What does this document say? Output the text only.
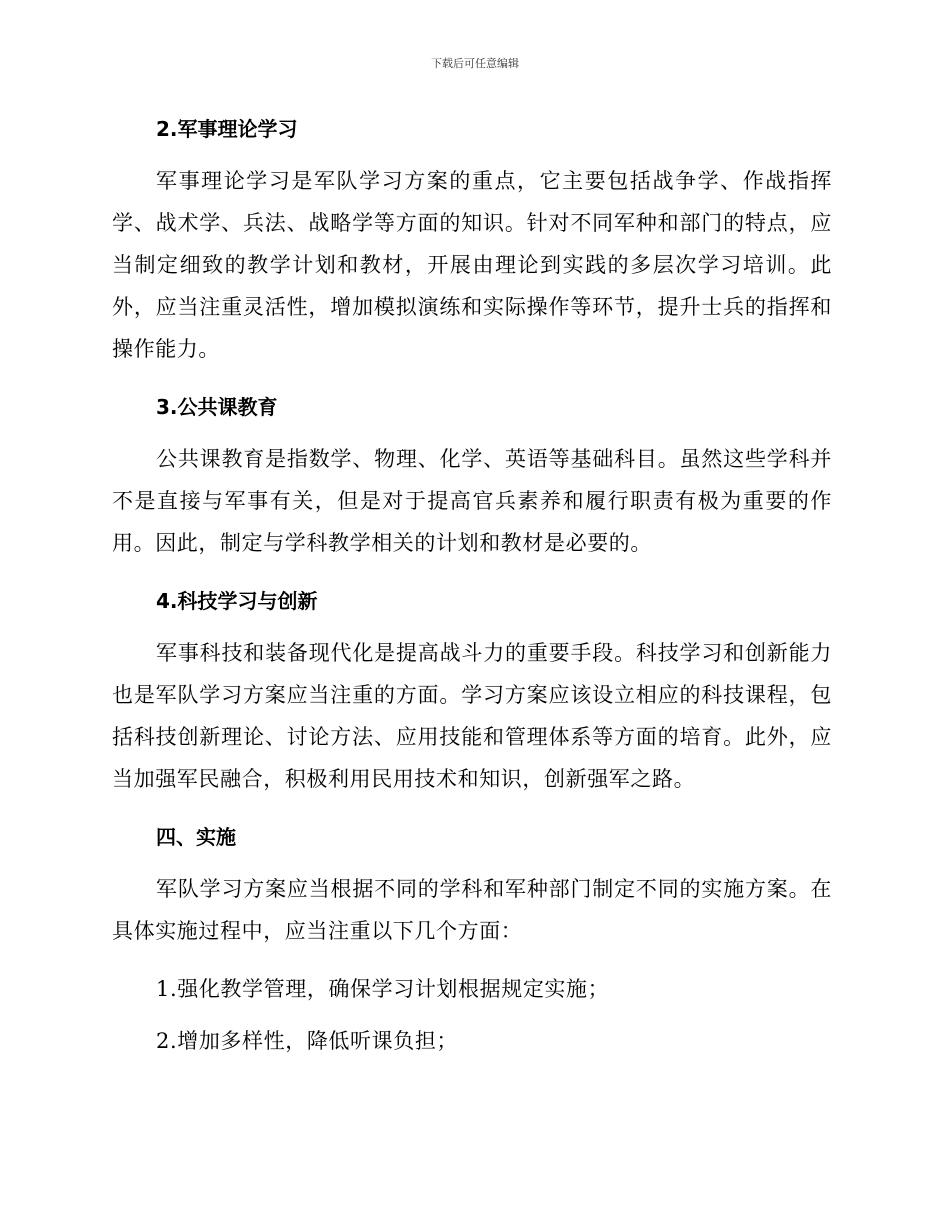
下载后可任意编辑
2.军事理论学习

军事理论学习是军队学习方案的重点，它主要包括战争学、作战指挥学、战术学、兵法、战略学等方面的知识。针对不同军种和部门的特点，应当制定细致的教学计划和教材，开展由理论到实践的多层次学习培训。此外，应当注重灵活性，增加模拟演练和实际操作等环节，提升士兵的指挥和操作能力。

3.公共课教育

公共课教育是指数学、物理、化学、英语等基础科目。虽然这些学科并不是直接与军事有关，但是对于提高官兵素养和履行职责有极为重要的作用。因此，制定与学科教学相关的计划和教材是必要的。

4.科技学习与创新

军事科技和装备现代化是提高战斗力的重要手段。科技学习和创新能力也是军队学习方案应当注重的方面。学习方案应该设立相应的科技课程，包括科技创新理论、讨论方法、应用技能和管理体系等方面的培育。此外，应当加强军民融合，积极利用民用技术和知识，创新强军之路。

四、实施

军队学习方案应当根据不同的学科和军种部门制定不同的实施方案。在具体实施过程中，应当注重以下几个方面：

1.强化教学管理，确保学习计划根据规定实施；

2.增加多样性，降低听课负担；
